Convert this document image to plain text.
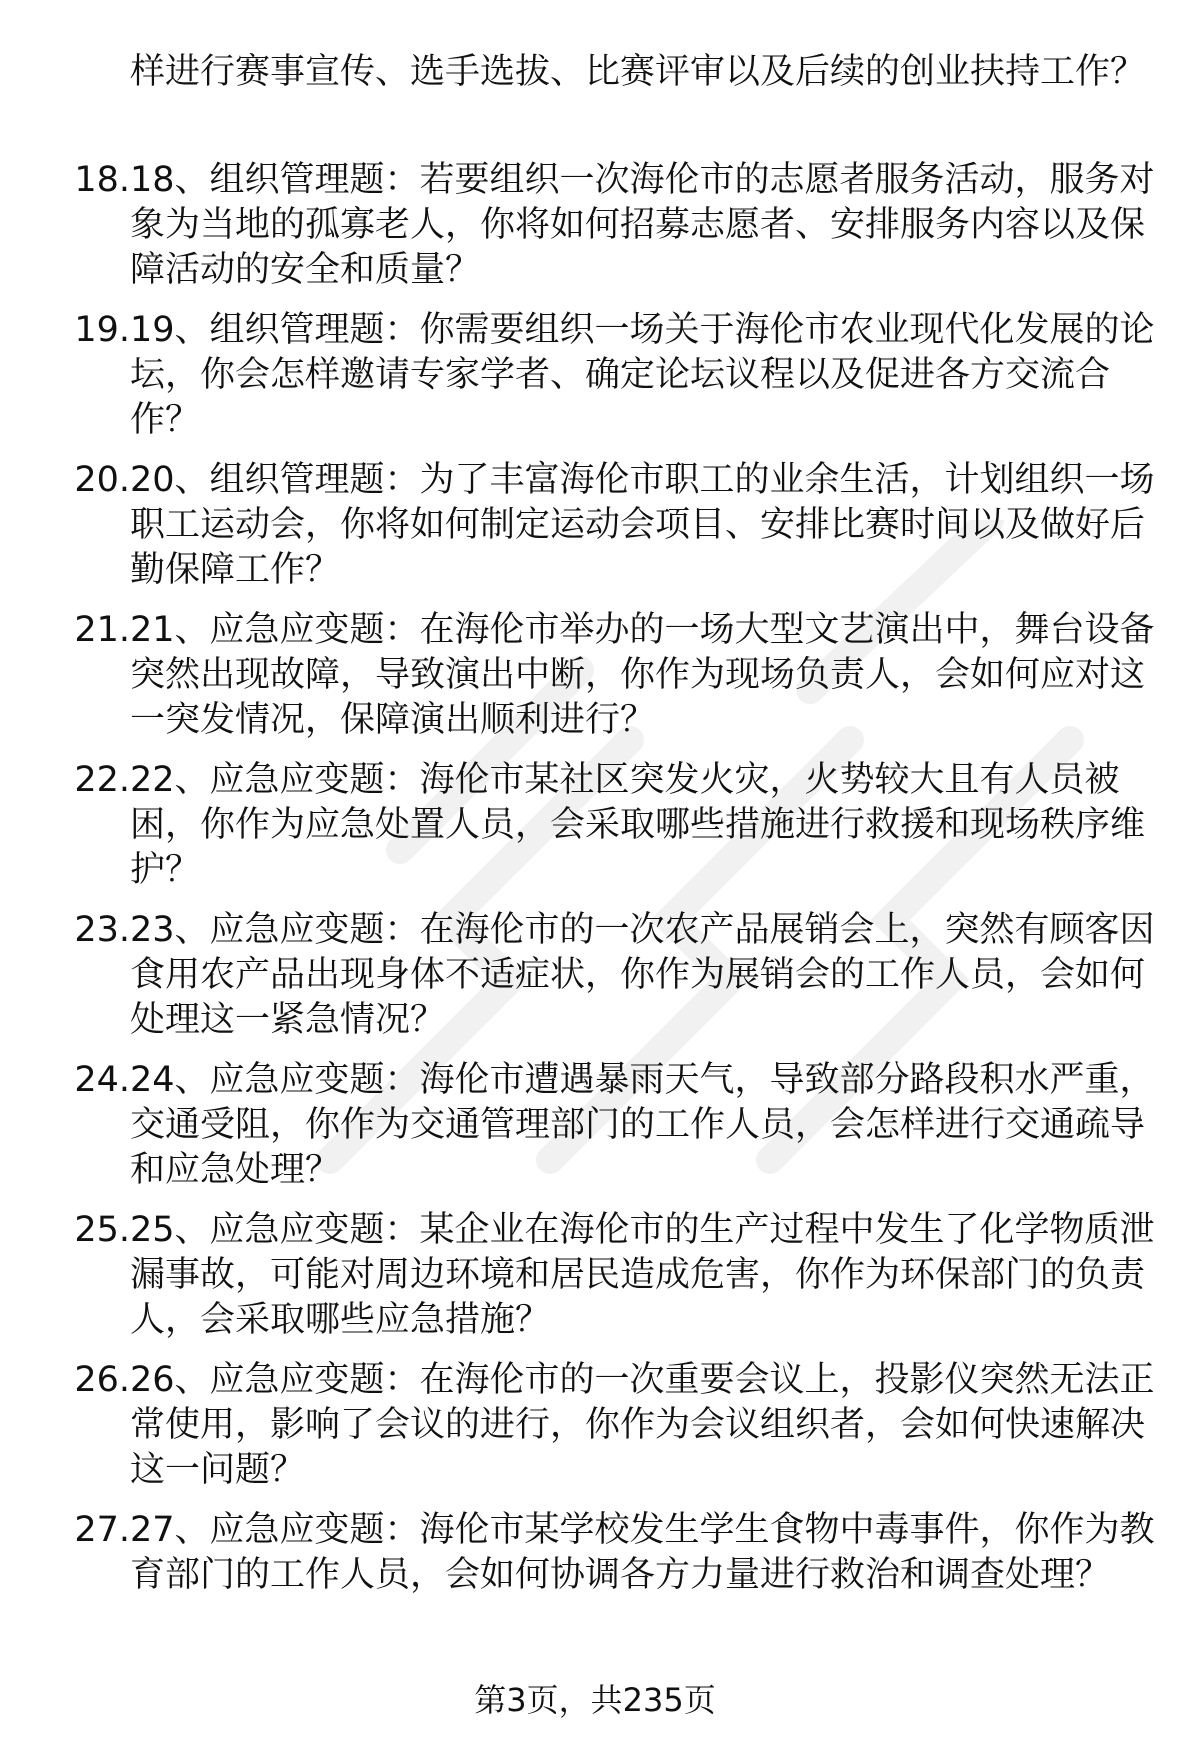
样进行赛事宣传、选手选拔、比赛评审以及后续的创业扶持工作？
18. 18、组织管理题：若要组织一次海伦市的志愿者服务活动，服务对象为当地的孤寡老人，你将如何招募志愿者、安排服务内容以及保障活动的安全和质量？
19. 19、组织管理题：你需要组织一场关于海伦市农业现代化发展的论坛，你会怎样邀请专家学者、确定论坛议程以及促进各方交流合作？
20. 20、组织管理题：为了丰富海伦市职工的业余生活，计划组织一场职工运动会，你将如何制定运动会项目、安排比赛时间以及做好后勤保障工作？
21. 21、应急应变题：在海伦市举办的一场大型文艺演出中，舞台设备突然出现故障，导致演出中断，你作为现场负责人，会如何应对这一突发情况，保障演出顺利进行？
22. 22、应急应变题：海伦市某社区突发火灾，火势较大且有人员被困，你作为应急处置人员，会采取哪些措施进行救援和现场秩序维护？
23. 23、应急应变题：在海伦市的一次农产品展销会上，突然有顾客因食用农产品出现身体不适症状，你作为展销会的工作人员，会如何处理这一紧急情况？
24. 24、应急应变题：海伦市遭遇暴雨天气，导致部分路段积水严重，交通受阻，你作为交通管理部门的工作人员，会怎样进行交通疏导和应急处理？
25. 25、应急应变题：某企业在海伦市的生产过程中发生了化学物质泄漏事故，可能对周边环境和居民造成危害，你作为环保部门的负责人，会采取哪些应急措施？
26. 26、应急应变题：在海伦市的一次重要会议上，投影仪突然无法正常使用，影响了会议的进行，你作为会议组织者，会如何快速解决这一问题？
27. 27、应急应变题：海伦市某学校发生学生食物中毒事件，你作为教育部门的工作人员，会如何协调各方力量进行救治和调查处理？
第3页，共235页
